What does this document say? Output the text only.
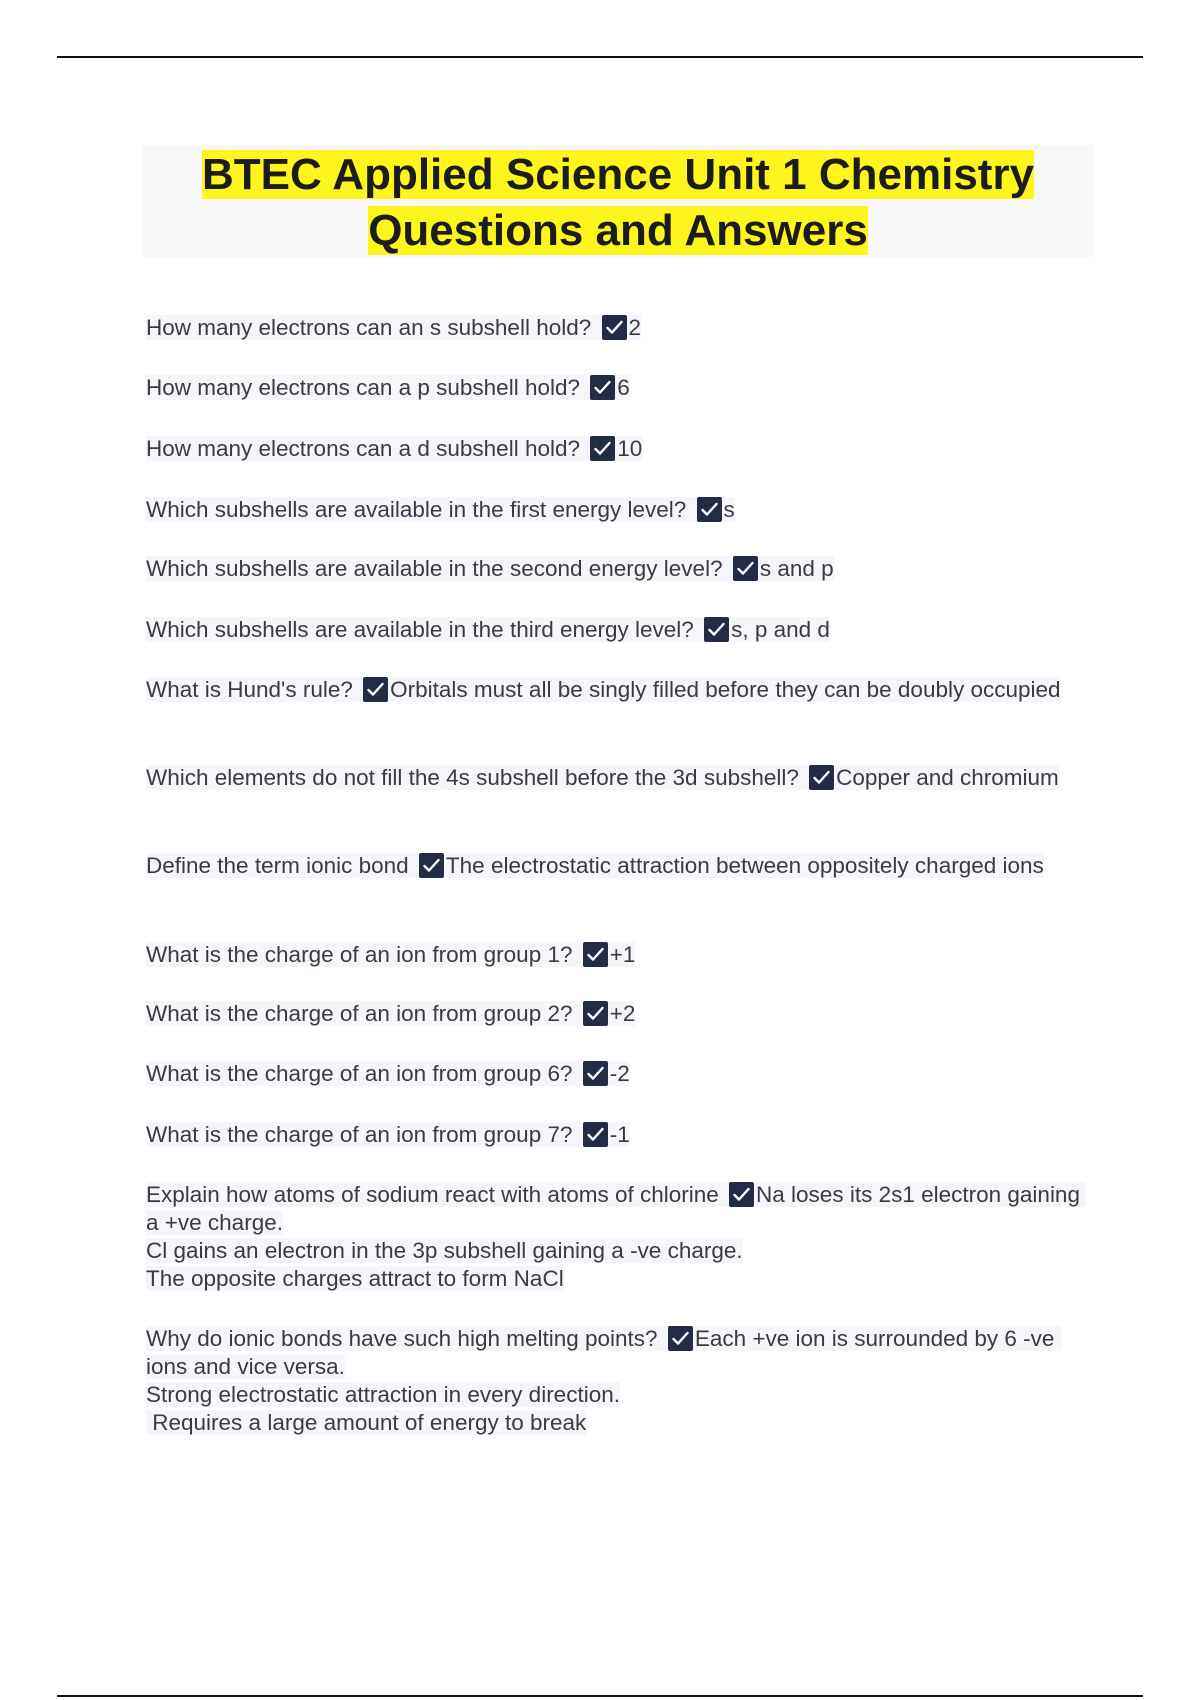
BTEC Applied Science Unit 1 Chemistry
Questions and Answers
How many electrons can an s subshell hold? 2
How many electrons can a p subshell hold? 6
How many electrons can a d subshell hold? 10
Which subshells are available in the first energy level? s
Which subshells are available in the second energy level? s and p
Which subshells are available in the third energy level? s, p and d
What is Hund's rule? Orbitals must all be singly filled before they can be doubly occupied
Which elements do not fill the 4s subshell before the 3d subshell? Copper and chromium
Define the term ionic bond The electrostatic attraction between oppositely charged ions
What is the charge of an ion from group 1? +1
What is the charge of an ion from group 2? +2
What is the charge of an ion from group 6? -2
What is the charge of an ion from group 7? -1
Explain how atoms of sodium react with atoms of chlorine Na loses its 2s1 electron gaining a +ve charge.
Cl gains an electron in the 3p subshell gaining a -ve charge.
The opposite charges attract to form NaCl
Why do ionic bonds have such high melting points? Each +ve ion is surrounded by 6 -ve ions and vice versa.
Strong electrostatic attraction in every direction.
Requires a large amount of energy to break
